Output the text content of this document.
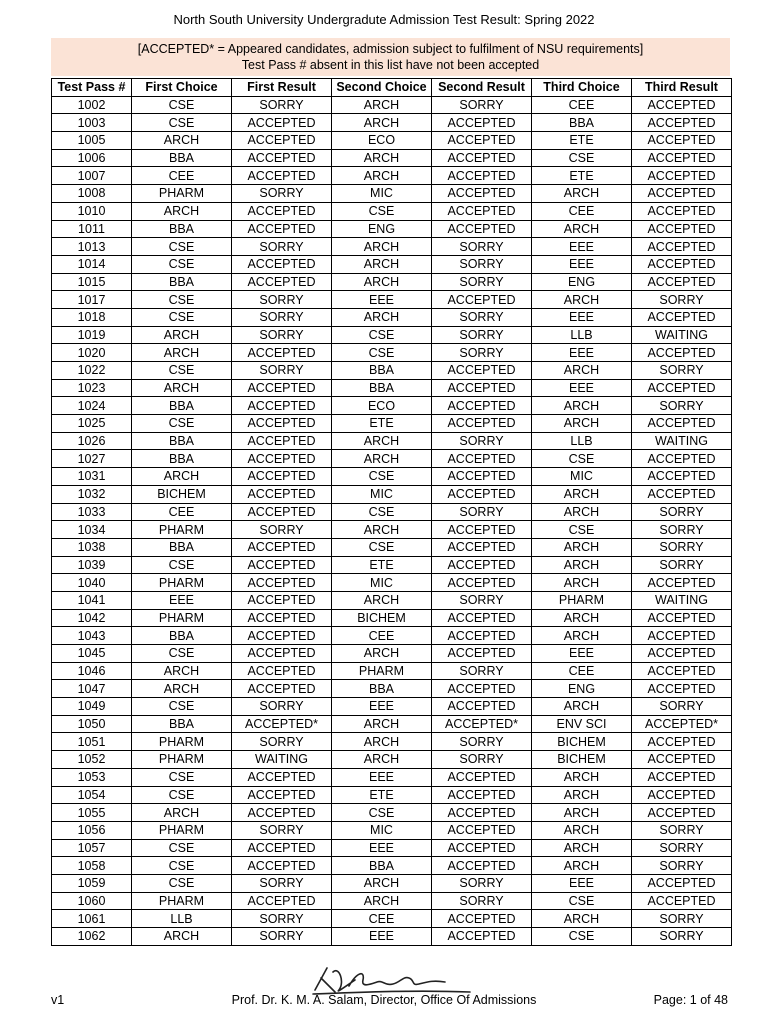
North South University Undergradute Admission Test Result: Spring 2022
[ACCEPTED* = Appeared candidates, admission subject to fulfilment of NSU requirements]
Test Pass # absent in this list have not been accepted
Test Pass #	First Choice	First Result	Second Choice	Second Result	Third Choice	Third Result
1002	CSE	SORRY	ARCH	SORRY	CEE	ACCEPTED
1003	CSE	ACCEPTED	ARCH	ACCEPTED	BBA	ACCEPTED
1005	ARCH	ACCEPTED	ECO	ACCEPTED	ETE	ACCEPTED
1006	BBA	ACCEPTED	ARCH	ACCEPTED	CSE	ACCEPTED
1007	CEE	ACCEPTED	ARCH	ACCEPTED	ETE	ACCEPTED
1008	PHARM	SORRY	MIC	ACCEPTED	ARCH	ACCEPTED
1010	ARCH	ACCEPTED	CSE	ACCEPTED	CEE	ACCEPTED
1011	BBA	ACCEPTED	ENG	ACCEPTED	ARCH	ACCEPTED
1013	CSE	SORRY	ARCH	SORRY	EEE	ACCEPTED
1014	CSE	ACCEPTED	ARCH	SORRY	EEE	ACCEPTED
1015	BBA	ACCEPTED	ARCH	SORRY	ENG	ACCEPTED
1017	CSE	SORRY	EEE	ACCEPTED	ARCH	SORRY
1018	CSE	SORRY	ARCH	SORRY	EEE	ACCEPTED
1019	ARCH	SORRY	CSE	SORRY	LLB	WAITING
1020	ARCH	ACCEPTED	CSE	SORRY	EEE	ACCEPTED
1022	CSE	SORRY	BBA	ACCEPTED	ARCH	SORRY
1023	ARCH	ACCEPTED	BBA	ACCEPTED	EEE	ACCEPTED
1024	BBA	ACCEPTED	ECO	ACCEPTED	ARCH	SORRY
1025	CSE	ACCEPTED	ETE	ACCEPTED	ARCH	ACCEPTED
1026	BBA	ACCEPTED	ARCH	SORRY	LLB	WAITING
1027	BBA	ACCEPTED	ARCH	ACCEPTED	CSE	ACCEPTED
1031	ARCH	ACCEPTED	CSE	ACCEPTED	MIC	ACCEPTED
1032	BICHEM	ACCEPTED	MIC	ACCEPTED	ARCH	ACCEPTED
1033	CEE	ACCEPTED	CSE	SORRY	ARCH	SORRY
1034	PHARM	SORRY	ARCH	ACCEPTED	CSE	SORRY
1038	BBA	ACCEPTED	CSE	ACCEPTED	ARCH	SORRY
1039	CSE	ACCEPTED	ETE	ACCEPTED	ARCH	SORRY
1040	PHARM	ACCEPTED	MIC	ACCEPTED	ARCH	ACCEPTED
1041	EEE	ACCEPTED	ARCH	SORRY	PHARM	WAITING
1042	PHARM	ACCEPTED	BICHEM	ACCEPTED	ARCH	ACCEPTED
1043	BBA	ACCEPTED	CEE	ACCEPTED	ARCH	ACCEPTED
1045	CSE	ACCEPTED	ARCH	ACCEPTED	EEE	ACCEPTED
1046	ARCH	ACCEPTED	PHARM	SORRY	CEE	ACCEPTED
1047	ARCH	ACCEPTED	BBA	ACCEPTED	ENG	ACCEPTED
1049	CSE	SORRY	EEE	ACCEPTED	ARCH	SORRY
1050	BBA	ACCEPTED*	ARCH	ACCEPTED*	ENV SCI	ACCEPTED*
1051	PHARM	SORRY	ARCH	SORRY	BICHEM	ACCEPTED
1052	PHARM	WAITING	ARCH	SORRY	BICHEM	ACCEPTED
1053	CSE	ACCEPTED	EEE	ACCEPTED	ARCH	ACCEPTED
1054	CSE	ACCEPTED	ETE	ACCEPTED	ARCH	ACCEPTED
1055	ARCH	ACCEPTED	CSE	ACCEPTED	ARCH	ACCEPTED
1056	PHARM	SORRY	MIC	ACCEPTED	ARCH	SORRY
1057	CSE	ACCEPTED	EEE	ACCEPTED	ARCH	SORRY
1058	CSE	ACCEPTED	BBA	ACCEPTED	ARCH	SORRY
1059	CSE	SORRY	ARCH	SORRY	EEE	ACCEPTED
1060	PHARM	ACCEPTED	ARCH	SORRY	CSE	ACCEPTED
1061	LLB	SORRY	CEE	ACCEPTED	ARCH	SORRY
1062	ARCH	SORRY	EEE	ACCEPTED	CSE	SORRY
v1	Prof. Dr. K. M. A. Salam, Director, Office Of Admissions	Page: 1 of 48
